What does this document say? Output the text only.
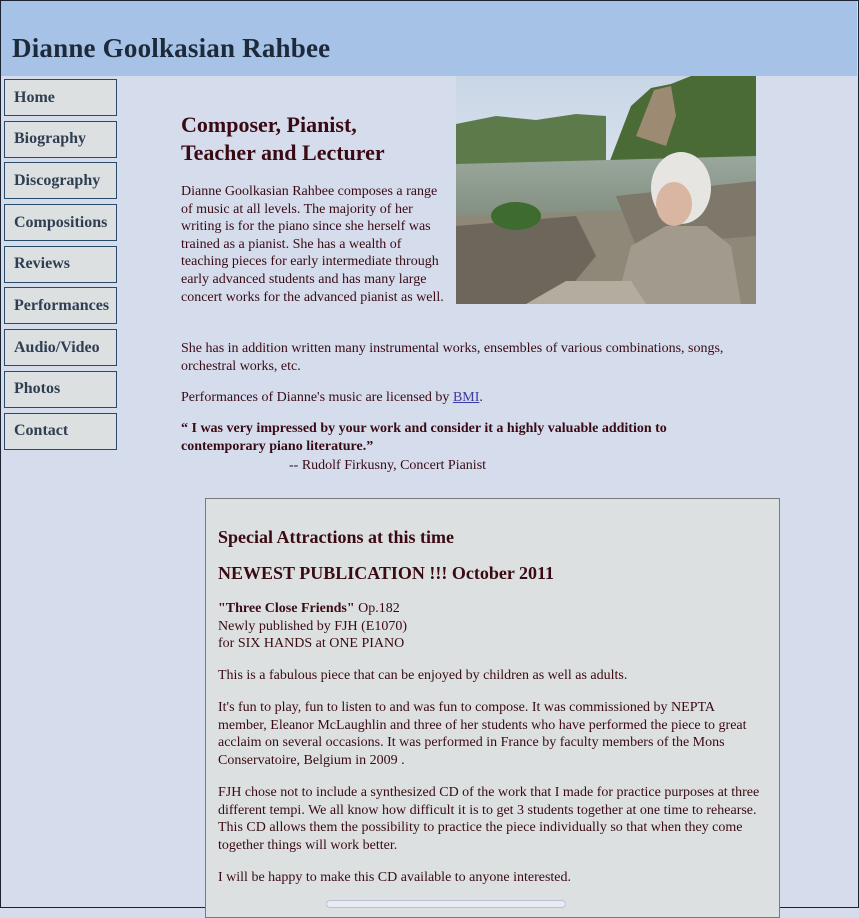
Dianne Goolkasian Rahbee
Home
Biography
Discography
Compositions
Reviews
Performances
Audio/Video
Photos
Contact
Composer, Pianist,
Teacher and Lecturer

Dianne Goolkasian Rahbee composes a range of music at all levels. The majority of her writing is for the piano since she herself was trained as a pianist. She has a wealth of teaching pieces for early intermediate through early advanced students and has many large concert works for the advanced pianist as well.

She has in addition written many instrumental works, ensembles of various combinations, songs, orchestral works, etc.

Performances of Dianne's music are licensed by BMI.

“ I was very impressed by your work and consider it a highly valuable addition to contemporary piano literature.”

-- Rudolf Firkusny, Concert Pianist

Special Attractions at this time
NEWEST PUBLICATION !!! October 2011

"Three Close Friends" Op.182
Newly published by FJH (E1070)
for SIX HANDS at ONE PIANO

This is a fabulous piece that can be enjoyed by children as well as adults.

It's fun to play, fun to listen to and was fun to compose. It was commissioned by NEPTA member, Eleanor McLaughlin and three of her students who have performed the piece to great acclaim on several occasions. It was performed in France by faculty members of the Mons Conservatoire, Belgium in 2009 .

FJH chose not to include a synthesized CD of the work that I made for practice purposes at three different tempi. We all know how difficult it is to get 3 students together at one time to rehearse. This CD allows them the possibility to practice the piece individually so that when they come together things will work better.

I will be happy to make this CD available to anyone interested.
